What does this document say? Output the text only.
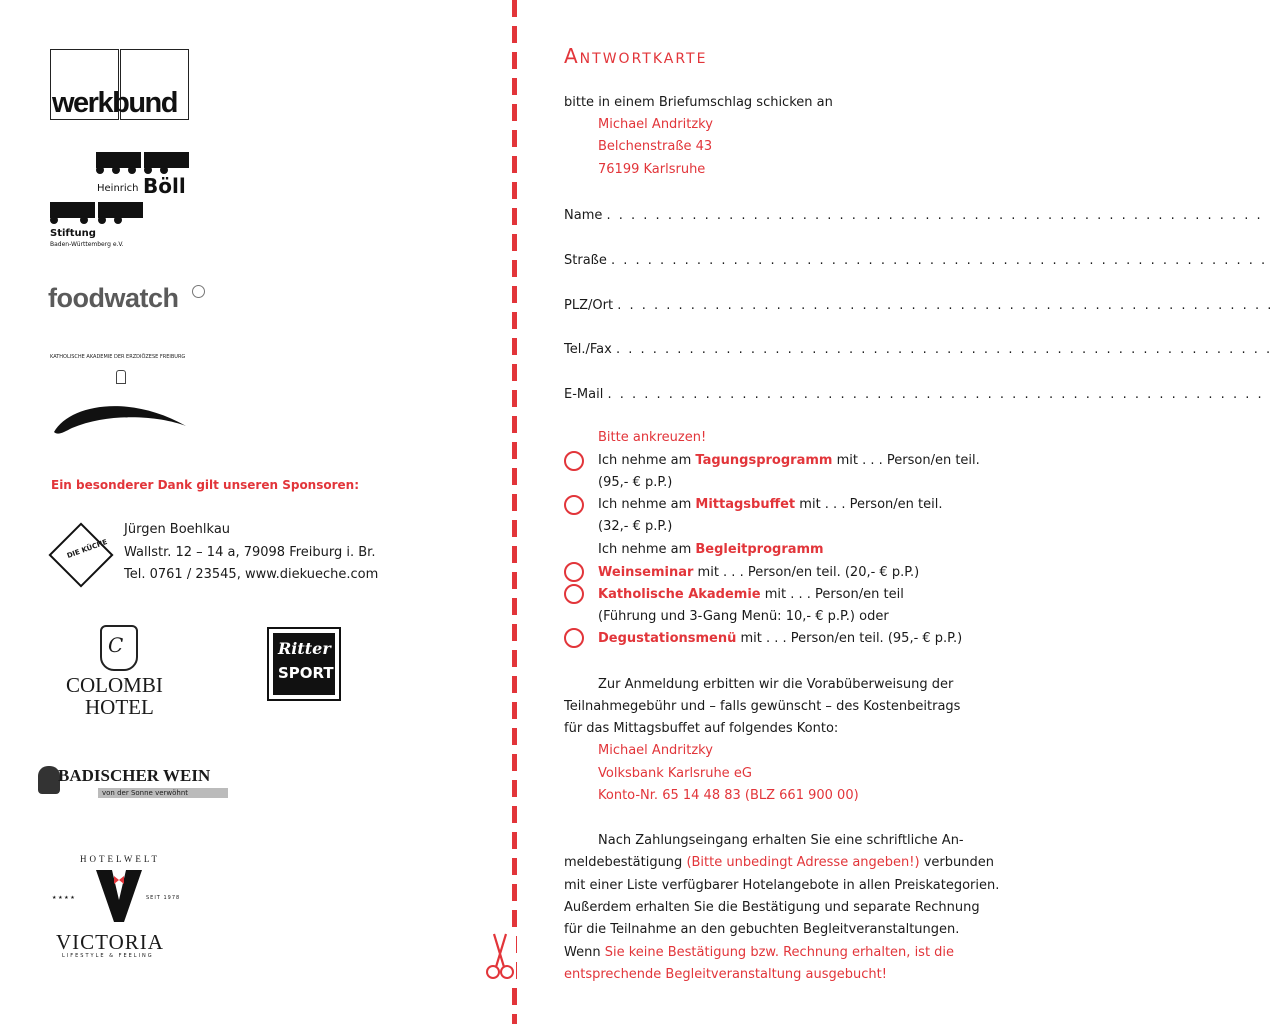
werkbund
Heinrich Böll
Stiftung
Baden-Württemberg e.V.
foodwatch
KATHOLISCHE AKADEMIE DER ERZDIÖZESE FREIBURG
Ein besonderer Dank gilt unseren Sponsoren:
DIE KÜCHE
Jürgen Boehlkau
Wallstr. 12 – 14 a, 79098 Freiburg i. Br.
Tel. 0761 / 23545, www.diekueche.com
C
COLOMBI
HOTEL
Ritter
SPORT
BADISCHER WEIN
von der Sonne verwöhnt
HOTELWELT
★ ★ ★ ★	SEIT 1978
VICTORIA
LIFESTYLE & FEELING
Antwortkarte
bitte in einem Briefumschlag schicken an
Michael Andritzky
Belchenstraße 43
76199 Karlsruhe
Name . . . . . . . . . . . . . . . . . . . . . . . . . . . . . . . . . . . . . . . . . . . . . . . . . . . . . .
Straße . . . . . . . . . . . . . . . . . . . . . . . . . . . . . . . . . . . . . . . . . . . . . . . . . . . . . .
PLZ/Ort . . . . . . . . . . . . . . . . . . . . . . . . . . . . . . . . . . . . . . . . . . . . . . . . . . . . . .
Tel./Fax . . . . . . . . . . . . . . . . . . . . . . . . . . . . . . . . . . . . . . . . . . . . . . . . . . . . . .
E-Mail . . . . . . . . . . . . . . . . . . . . . . . . . . . . . . . . . . . . . . . . . . . . . . . . . . . . . .
Bitte ankreuzen!
Ich nehme am Tagungsprogramm mit . . . Person/en teil.
(95,- € p.P.)
Ich nehme am Mittagsbuffet mit . . . Person/en teil.
(32,- € p.P.)
Ich nehme am Begleitprogramm
Weinseminar mit . . . Person/en teil. (20,- € p.P.)
Katholische Akademie mit . . . Person/en teil
(Führung und 3-Gang Menü: 10,- € p.P.) oder
Degustationsmenü mit . . . Person/en teil. (95,- € p.P.)
Zur Anmeldung erbitten wir die Vorabüberweisung der
Teilnahmegebühr und – falls gewünscht – des Kostenbeitrags
für das Mittagsbuffet auf folgendes Konto:
Michael Andritzky
Volksbank Karlsruhe eG
Konto-Nr. 65 14 48 83 (BLZ 661 900 00)
Nach Zahlungseingang erhalten Sie eine schriftliche An-
meldebestätigung (Bitte unbedingt Adresse angeben!) verbunden
mit einer Liste verfügbarer Hotelangebote in allen Preiskategorien.
Außerdem erhalten Sie die Bestätigung und separate Rechnung
für die Teilnahme an den gebuchten Begleitveranstaltungen.
Wenn Sie keine Bestätigung bzw. Rechnung erhalten, ist die
entsprechende Begleitveranstaltung ausgebucht!
